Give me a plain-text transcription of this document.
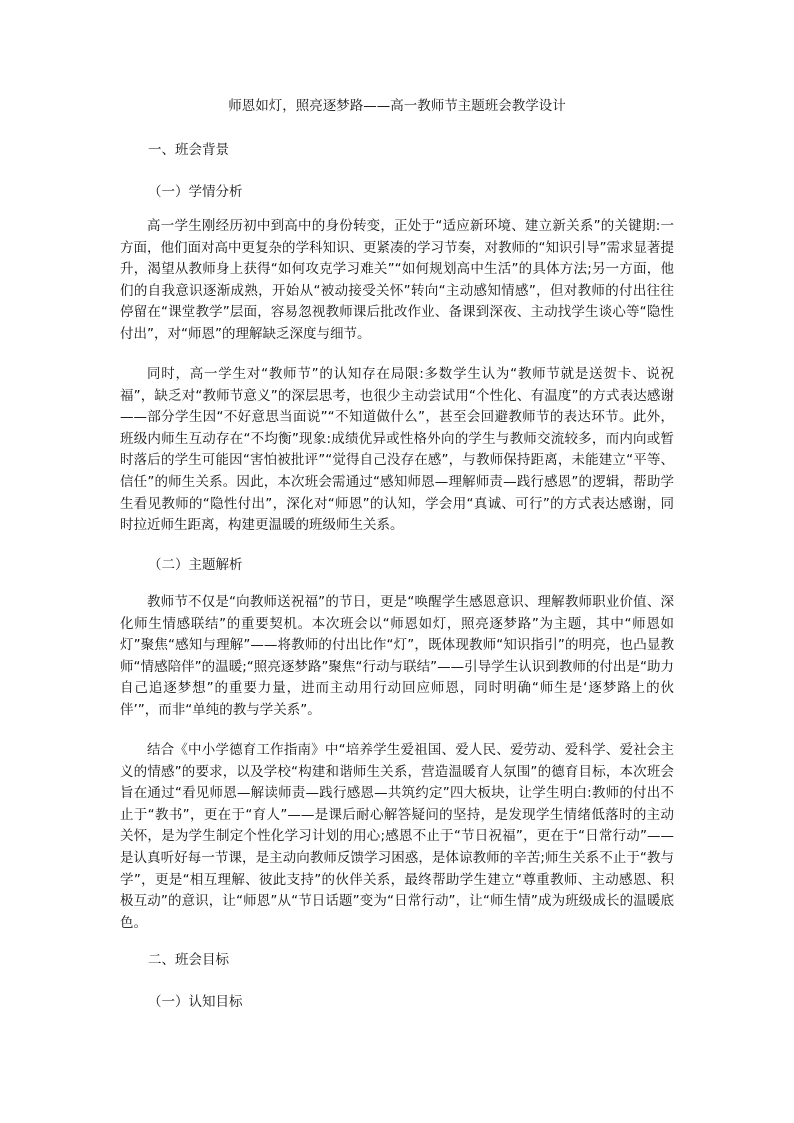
师恩如灯，照亮逐梦路——高一教师节主题班会教学设计
一、班会背景
（一）学情分析
高一学生刚经历初中到高中的身份转变，正处于“适应新环境、建立新关系”的关键期:一方面，他们面对高中更复杂的学科知识、更紧凑的学习节奏，对教师的“知识引导”需求显著提升，渴望从教师身上获得“如何攻克学习难关”“如何规划高中生活”的具体方法;另一方面，他们的自我意识逐渐成熟，开始从“被动接受关怀”转向“主动感知情感”，但对教师的付出往往停留在“课堂教学”层面，容易忽视教师课后批改作业、备课到深夜、主动找学生谈心等“隐性付出”，对“师恩”的理解缺乏深度与细节。
同时，高一学生对“教师节”的认知存在局限:多数学生认为“教师节就是送贺卡、说祝福”，缺乏对“教师节意义”的深层思考，也很少主动尝试用“个性化、有温度”的方式表达感谢——部分学生因“不好意思当面说”“不知道做什么”，甚至会回避教师节的表达环节。此外，班级内师生互动存在“不均衡”现象:成绩优异或性格外向的学生与教师交流较多，而内向或暂时落后的学生可能因“害怕被批评”“觉得自己没存在感”，与教师保持距离，未能建立“平等、信任”的师生关系。因此，本次班会需通过“感知师恩—理解师责—践行感恩”的逻辑，帮助学生看见教师的“隐性付出”，深化对“师恩”的认知，学会用“真诚、可行”的方式表达感谢，同时拉近师生距离，构建更温暖的班级师生关系。
（二）主题解析
教师节不仅是“向教师送祝福”的节日，更是“唤醒学生感恩意识、理解教师职业价值、深化师生情感联结”的重要契机。本次班会以“师恩如灯，照亮逐梦路”为主题，其中“师恩如灯”聚焦“感知与理解”——将教师的付出比作“灯”，既体现教师“知识指引”的明亮，也凸显教师“情感陪伴”的温暖;“照亮逐梦路”聚焦“行动与联结”——引导学生认识到教师的付出是“助力自己追逐梦想”的重要力量，进而主动用行动回应师恩，同时明确“师生是‘逐梦路上的伙伴’”，而非“单纯的教与学关系”。
结合《中小学德育工作指南》中“培养学生爱祖国、爱人民、爱劳动、爱科学、爱社会主义的情感”的要求，以及学校“构建和谐师生关系，营造温暖育人氛围”的德育目标，本次班会旨在通过“看见师恩—解读师责—践行感恩—共筑约定”四大板块，让学生明白:教师的付出不止于“教书”，更在于“育人”——是课后耐心解答疑问的坚持，是发现学生情绪低落时的主动关怀，是为学生制定个性化学习计划的用心;感恩不止于“节日祝福”，更在于“日常行动”——是认真听好每一节课，是主动向教师反馈学习困惑，是体谅教师的辛苦;师生关系不止于“教与学”，更是“相互理解、彼此支持”的伙伴关系，最终帮助学生建立“尊重教师、主动感恩、积极互动”的意识，让“师恩”从“节日话题”变为“日常行动”，让“师生情”成为班级成长的温暖底色。
二、班会目标
（一）认知目标
